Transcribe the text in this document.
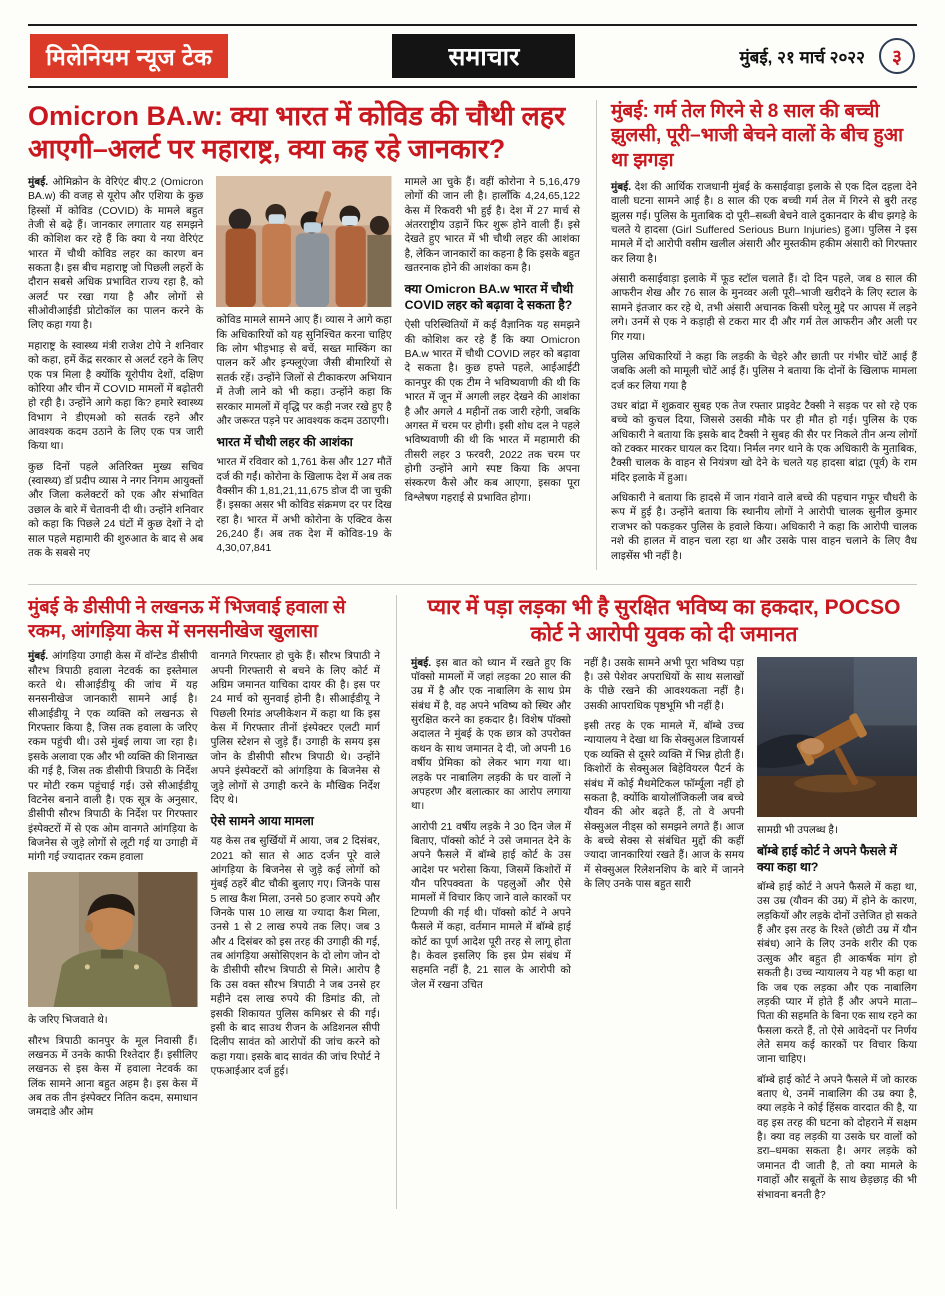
मिलेनियम न्यूज टेक	समाचार	मुंबई, २१ मार्च २०२२	३
Omicron BA.w: क्या भारत में कोविड की चौथी लहर आएगी–अलर्ट पर महाराष्ट्र, क्या कह रहे जानकार?

मुंबई. ओमिक्रोन के वेरिएंट बीए.2 (Omicron BA.w) की वजह से यूरोप और एशिया के कुछ हिस्सों में कोविड (COVID) के मामले बहुत तेजी से बढ़े हैं। जानकार लगातार यह समझने की कोशिश कर रहे हैं कि क्या ये नया वेरिएंट भारत में चौथी कोविड लहर का कारण बन सकता है। इस बीच महाराष्ट्र जो पिछली लहरों के दौरान सबसे अधिक प्रभावित राज्य रहा है, को अलर्ट पर रखा गया है और लोगों से सीओवीआईडी प्रोटोकॉल का पालन करने के लिए कहा गया है।

महाराष्ट्र के स्वास्थ्य मंत्री राजेश टोपे ने शनिवार को कहा, हमें केंद्र सरकार से अलर्ट रहने के लिए एक पत्र मिला है क्योंकि यूरोपीय देशों, दक्षिण कोरिया और चीन में COVID मामलों में बढ़ोतरी हो रही है। उन्होंने आगे कहा कि? हमारे स्वास्थ्य विभाग ने डीएमओ को सतर्क रहने और आवश्यक कदम उठाने के लिए एक पत्र जारी किया था।

कुछ दिनों पहले अतिरिक्त मुख्य सचिव (स्वास्थ्य) डॉ प्रदीप व्यास ने नगर निगम आयुक्तों और जिला कलेक्टरों को एक और संभावित उछाल के बारे में चेतावनी दी थी। उन्होंने शनिवार को कहा कि पिछले 24 घंटों में कुछ देशों ने दो साल पहले महामारी की शुरुआत के बाद से अब तक के सबसे नए

कोविड मामले सामने आए हैं। व्यास ने आगे कहा कि अधिकारियों को यह सुनिश्चित करना चाहिए कि लोग भीड़भाड़ से बचें, सख्त मास्किंग का पालन करें और इन्फ्लूएंजा जैसी बीमारियों से सतर्क रहें। उन्होंने जिलों से टीकाकरण अभियान में तेजी लाने को भी कहा। उन्होंने कहा कि सरकार मामलों में वृद्धि पर कड़ी नजर रखे हुए है और जरूरत पड़ने पर आवश्यक कदम उठाएगी।

भारत में चौथी लहर की आशंका

भारत में रविवार को 1,761 केस और 127 मौतें दर्ज की गईं। कोरोना के खिलाफ देश में अब तक वैक्सीन की 1,81,21,11,675 डोज दी जा चुकी हैं। इसका असर भी कोविड संक्रमण दर पर दिख रहा है। भारत में अभी कोरोना के एक्टिव केस 26,240 हैं। अब तक देश में कोविड-19 के 4,30,07,841

मामले आ चुके हैं। वहीं कोरोना ने 5,16,479 लोगों की जान ली है। हालाँकि 4,24,65,122 केस में रिकवरी भी हुई है। देश में 27 मार्च से अंतरराष्ट्रीय उड़ानें फिर शुरू होने वाली हैं। इसे देखते हुए भारत में भी चौथी लहर की आशंका है, लेकिन जानकारों का कहना है कि इसके बहुत खतरनाक होने की आशंका कम है।

क्या Omicron BA.w भारत में चौथी COVID लहर को बढ़ावा दे सकता है?

ऐसी परिस्थितियों में कई वैज्ञानिक यह समझने की कोशिश कर रहे हैं कि क्या Omicron BA.w भारत में चौथी COVID लहर को बढ़ावा दे सकता है। कुछ हफ्ते पहले, आईआईटी कानपुर की एक टीम ने भविष्यवाणी की थी कि भारत में जून में अगली लहर देखने की आशंका है और अगले 4 महीनों तक जारी रहेगी, जबकि अगस्त में चरम पर होगी। इसी शोध दल ने पहले भविष्यवाणी की थी कि भारत में महामारी की तीसरी लहर 3 फरवरी, 2022 तक चरम पर होगी उन्होंने आगे स्पष्ट किया कि अपना संस्करण कैसे और कब आएगा, इसका पूरा विश्लेषण गहराई से प्रभावित होगा।

मुंबई: गर्म तेल गिरने से 8 साल की बच्ची झुलसी, पूरी–भाजी बेचने वालों के बीच हुआ था झगड़ा

मुंबई. देश की आर्थिक राजधानी मुंबई के कसाईवाड़ा इलाके से एक दिल दहला देने वाली घटना सामने आई है। 8 साल की एक बच्ची गर्म तेल में गिरने से बुरी तरह झुलस गई। पुलिस के मुताबिक दो पूरी–सब्जी बेचने वाले दुकानदार के बीच झगड़े के चलते ये हादसा (Girl Suffered Serious Burn Injuries) हुआ। पुलिस ने इस मामले में दो आरोपी वसीम खलील अंसारी और मुस्तकीम हकीम अंसारी को गिरफ्तार कर लिया है।

अंसारी कसाईवाड़ा इलाके में फूड स्टॉल चलाते हैं। दो दिन पहले, जब 8 साल की आफरीन शेख और 76 साल के मुनव्वर अली पूरी–भाजी खरीदने के लिए स्टाल के सामने इंतजार कर रहे थे, तभी अंसारी अचानक किसी घरेलू मुद्दे पर आपस में लड़ने लगे। उनमें से एक ने कड़ाही से टकरा मार दी और गर्म तेल आफरीन और अली पर गिर गया।

पुलिस अधिकारियों ने कहा कि लड़की के चेहरे और छाती पर गंभीर चोटें आई हैं जबकि अली को मामूली चोटें आई हैं। पुलिस ने बताया कि दोनों के खिलाफ मामला दर्ज कर लिया गया है

उधर बांद्रा में शुक्रवार सुबह एक तेज रफ्तार प्राइवेट टैक्सी ने सड़क पर सो रहे एक बच्चे को कुचल दिया, जिससे उसकी मौके पर ही मौत हो गई। पुलिस के एक अधिकारी ने बताया कि इसके बाद टैक्सी ने सुबह की सैर पर निकले तीन अन्य लोगों को टक्कर मारकर घायल कर दिया। निर्मल नगर थाने के एक अधिकारी के मुताबिक, टैक्सी चालक के वाहन से नियंत्रण खो देने के चलते यह हादसा बांद्रा (पूर्व) के राम मंदिर इलाके में हुआ।

अधिकारी ने बताया कि हादसे में जान गंवाने वाले बच्चे की पहचान गफूर चौधरी के रूप में हुई है। उन्होंने बताया कि स्थानीय लोगों ने आरोपी चालक सुनील कुमार राजभर को पकड़कर पुलिस के हवाले किया। अधिकारी ने कहा कि आरोपी चालक नशे की हालत में वाहन चला रहा था और उसके पास वाहन चलाने के लिए वैध लाइसेंस भी नहीं है।

मुंबई के डीसीपी ने लखनऊ में भिजवाई हवाला से रकम, आंगड़िया केस में सनसनीखेज खुलासा

मुंबई. आंगड़िया उगाही केस में वॉन्टेड डीसीपी सौरभ त्रिपाठी हवाला नेटवर्क का इस्तेमाल करते थे। सीआईडीयू की जांच में यह सनसनीखेज जानकारी सामने आई है। सीआईडीयू ने एक व्यक्ति को लखनऊ से गिरफ्तार किया है, जिस तक हवाला के जरिए रकम पहुंची थी। उसे मुंबई लाया जा रहा है। इसके अलावा एक और भी व्यक्ति की शिनाख्त की गई है, जिस तक डीसीपी त्रिपाठी के निर्देश पर मोटी रकम पहुंचाई गई। उसे सीआईडीयू विटनेस बनाने वाली है। एक सूत्र के अनुसार, डीसीपी सौरभ त्रिपाठी के निर्देश पर गिरफ्तार इंस्पेक्टरों में से एक ओम वानगते आंगड़िया के बिजनेस से जुड़े लोगों से लूटी गई या उगाही में मांगी गई ज्यादातर रकम हवाला

के जरिए भिजवाते थे।

सौरभ त्रिपाठी कानपुर के मूल निवासी हैं। लखनऊ में उनके काफी रिश्तेदार हैं। इसीलिए लखनऊ से इस केस में हवाला नेटवर्क का लिंक सामने आना बहुत अहम है। इस केस में अब तक तीन इंस्पेक्टर नितिन कदम, समाधान जमदाडे और ओम

वानगते गिरफ्तार हो चुके हैं। सौरभ त्रिपाठी ने अपनी गिरफ्तारी से बचने के लिए कोर्ट में अग्रिम जमानत याचिका दायर की है। इस पर 24 मार्च को सुनवाई होनी है। सीआईडीयू ने पिछली रिमांड अप्लीकेशन में कहा था कि इस केस में गिरफ्तार तीनों इंस्पेक्टर एलटी मार्ग पुलिस स्टेशन से जुड़े हैं। उगाही के समय इस जोन के डीसीपी सौरभ त्रिपाठी थे। उन्होंने अपने इंस्पेक्टरों को आंगड़िया के बिजनेस से जुड़े लोगों से उगाही करने के मौखिक निर्देश दिए थे।

ऐसे सामने आया मामला

यह केस तब सुर्खियों में आया, जब 2 दिसंबर, 2021 को सात से आठ दर्जन पूरे वाले आंगड़िया के बिजनेस से जुड़े कई लोगों को मुंबई ठहरें बीट चौकी बुलाए गए। जिनके पास 5 लाख कैश मिला, उनसे 50 हजार रुपये और जिनके पास 10 लाख या ज्यादा कैश मिला, उनसे 1 से 2 लाख रुपये तक लिए। जब 3 और 4 दिसंबर को इस तरह की उगाही की गई, तब आंगड़िया असोसिएशन के दो लोग जोन दो के डीसीपी सौरभ त्रिपाठी से मिले। आरोप है कि उस वक्त सौरभ त्रिपाठी ने जब उनसे हर महीने दस लाख रुपये की डिमांड की, तो इसकी शिकायत पुलिस कमिश्नर से की गई। इसी के बाद साउथ रीजन के अडिशनल सीपी दिलीप सावंत को आरोपों की जांच करने को कहा गया। इसके बाद सावंत की जांच रिपोर्ट ने एफआईआर दर्ज हुई।

प्यार में पड़ा लड़का भी है सुरक्षित भविष्य का हकदार, POCSO कोर्ट ने आरोपी युवक को दी जमानत

मुंबई. इस बात को ध्यान में रखते हुए कि पॉक्सो मामलों में जहां लड़का 20 साल की उम्र में है और एक नाबालिग के साथ प्रेम संबंध में है, वह अपने भविष्य को स्थिर और सुरक्षित करने का हकदार है। विशेष पॉक्सो अदालत ने मुंबई के एक छात्र को उपरोक्त कथन के साथ जमानत दे दी, जो अपनी 16 वर्षीय प्रेमिका को लेकर भाग गया था। लड़के पर नाबालिग लड़की के घर वालों ने अपहरण और बलात्कार का आरोप लगाया था।

आरोपी 21 वर्षीय लड़के ने 30 दिन जेल में बिताए, पॉक्सो कोर्ट ने उसे जमानत देने के अपने फैसले में बॉम्बे हाई कोर्ट के उस आदेश पर भरोसा किया, जिसमें किशोरों में यौन परिपक्वता के पहलुओं और ऐसे मामलों में विचार किए जाने वाले कारकों पर टिप्पणी की गई थी। पॉक्सो कोर्ट ने अपने फैसले में कहा, वर्तमान मामले में बॉम्बे हाई कोर्ट का पूर्ण आदेश पूरी तरह से लागू होता है। केवल इसलिए कि इस प्रेम संबंध में सहमति नहीं है, 21 साल के आरोपी को जेल में रखना उचित

नहीं है। उसके सामने अभी पूरा भविष्य पड़ा है। उसे पेशेवर अपराधियों के साथ सलाखों के पीछे रखने की आवश्यकता नहीं है। उसकी आपराधिक पृष्ठभूमि भी नहीं है।

इसी तरह के एक मामले में, बॉम्बे उच्च न्यायालय ने देखा था कि सेक्सुअल डिजायर्स एक व्यक्ति से दूसरे व्यक्ति में भिन्न होती हैं। किशोरों के सेक्सुअल बिहेवियरल पैटर्न के संबंध में कोई मैथमेटिकल फॉर्म्यूला नहीं हो सकता है, क्योंकि बायोलॉजिकली जब बच्चे यौवन की ओर बढ़ते हैं, तो वे अपनी सेक्सुअल नीड्स को समझने लगते हैं। आज के बच्चे सेक्स से संबंधित मुद्दों की कहीं ज्यादा जानकारियां रखते हैं। आज के समय में सेक्सुअल रिलेशनशिप के बारे में जानने के लिए उनके पास बहुत सारी

सामग्री भी उपलब्ध है।

बॉम्बे हाई कोर्ट ने अपने फैसले में क्या कहा था?

बॉम्बे हाई कोर्ट ने अपने फैसले में कहा था, उस उम्र (यौवन की उम्र) में होने के कारण, लड़कियों और लड़के दोनों उत्तेजित हो सकते हैं और इस तरह के रिश्ते (छोटी उम्र में यौन संबंध) आने के लिए उनके शरीर की एक उत्सुक और बहुत ही आकर्षक मांग हो सकती है। उच्च न्यायालय ने यह भी कहा था कि जब एक लड़का और एक नाबालिग लड़की प्यार में होते हैं और अपने माता–पिता की सहमति के बिना एक साथ रहने का फैसला करते हैं, तो ऐसे आवेदनों पर निर्णय लेते समय कई कारकों पर विचार किया जाना चाहिए।

बॉम्बे हाई कोर्ट ने अपने फैसले में जो कारक बताए थे, उनमें नाबालिग की उम्र क्या है, क्या लड़के ने कोई हिंसक वारदात की है, या वह इस तरह की घटना को दोहराने में सक्षम है। क्या वह लड़की या उसके घर वालों को डरा–धमका सकता है। अगर लड़के को जमानत दी जाती है, तो क्या मामले के गवाहों और सबूतों के साथ छेड़छाड़ की भी संभावना बनती है?
